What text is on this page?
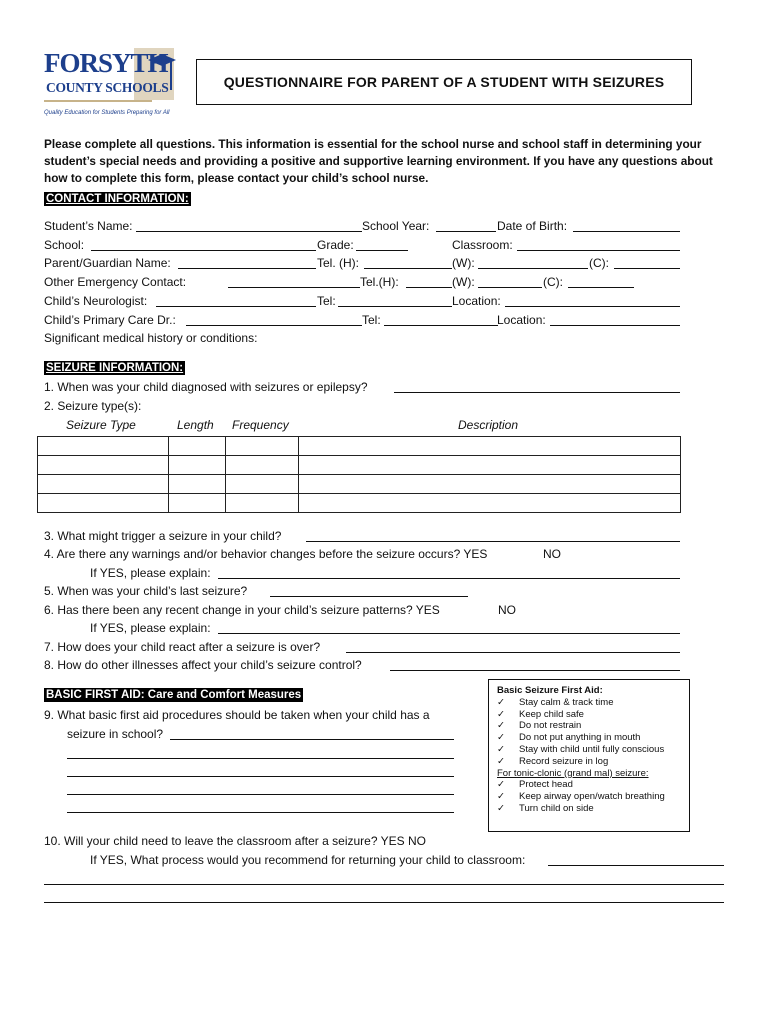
FORSYTH
COUNTY SCHOOLS
Quality Education for Students Preparing for All
QUESTIONNAIRE FOR PARENT OF A STUDENT WITH SEIZURES
Please complete all questions. This information is essential for the school nurse and school staff in determining your student’s special needs and providing a positive and supportive learning environment. If you have any questions about how to complete this form, please contact your child’s school nurse.
CONTACT INFORMATION:
Student’s Name:	School Year:	Date of Birth:
School:	Grade:	Classroom:
Parent/Guardian Name:	Tel. (H):	(W):	(C):
Other Emergency Contact:	Tel.(H):	(W):	(C):
Child’s Neurologist:	Tel:	Location:
Child’s Primary Care Dr.:	Tel:	Location:
Significant medical history or conditions:
SEIZURE INFORMATION:
1. When was your child diagnosed with seizures or epilepsy?
2. Seizure type(s):
Seizure Type	Length Frequency	Description

3. What might trigger a seizure in your child?
4. Are there any warnings and/or behavior changes before the seizure occurs? YES	NO
If YES, please explain:
5. When was your child’s last seizure?
6. Has there been any recent change in your child’s seizure patterns? YES	NO
If YES, please explain:
7. How does your child react after a seizure is over?
8. How do other illnesses affect your child’s seizure control?
BASIC FIRST AID: Care and Comfort Measures
9. What basic first aid procedures should be taken when your child has a
seizure in school?
Basic Seizure First Aid:
✓ Stay calm & track time
✓ Keep child safe
✓ Do not restrain
✓ Do not put anything in mouth
✓ Stay with child until fully conscious
✓ Record seizure in log
For tonic-clonic (grand mal) seizure:
✓ Protect head
✓ Keep airway open/watch breathing
✓ Turn child on side
10. Will your child need to leave the classroom after a seizure? YES NO
If YES, What process would you recommend for returning your child to classroom:
